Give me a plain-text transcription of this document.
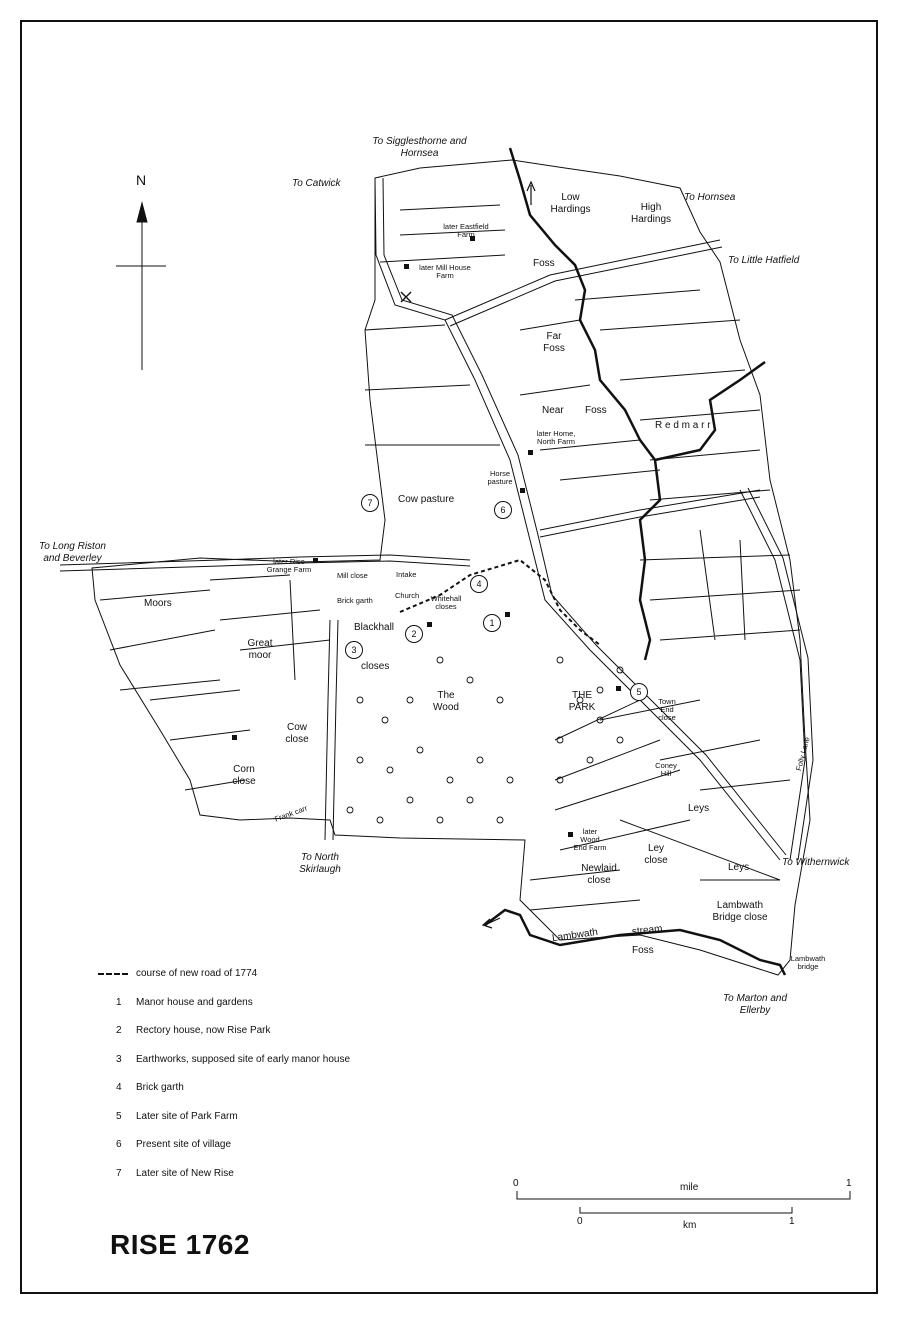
N	To Catwick
To Sigglesthorne and Hornsea
To Hornsea
To Little Hatfield
To Long Riston and Beverley
To North Skirlaugh
To Withernwick
To Marton and Ellerby
Low Hardings	High Hardings
Foss
Far Foss
Near Foss
R e d m a r r
later Eastfield Farm
later Mill House Farm
later Home, North Farm
Horse pasture
Cow pasture
later Rise Grange Farm
Mill close	Intake
Brick garth
Church Whitehall closes
Blackhall
closes
Moors
Great moor
Cow close
Corn close
Frank carr
The Wood
THE PARK
Town End close
Coney Hill
Leys
Leys
later Wood End Farm
Newlaid close
Ley close
Lambwath Bridge close
Foss
Lambwath	stream
Lambwath bridge
Folly Lane
1
2
3
4
5
6
7
course of new road of 1774
1	Manor house and gardens
2	Rectory house, now Rise Park
3	Earthworks, supposed site of early manor house
4	Brick garth
5	Later site of Park Farm
6	Present site of village
7	Later site of New Rise
0	mile	1
0	km	1
RISE 1762
